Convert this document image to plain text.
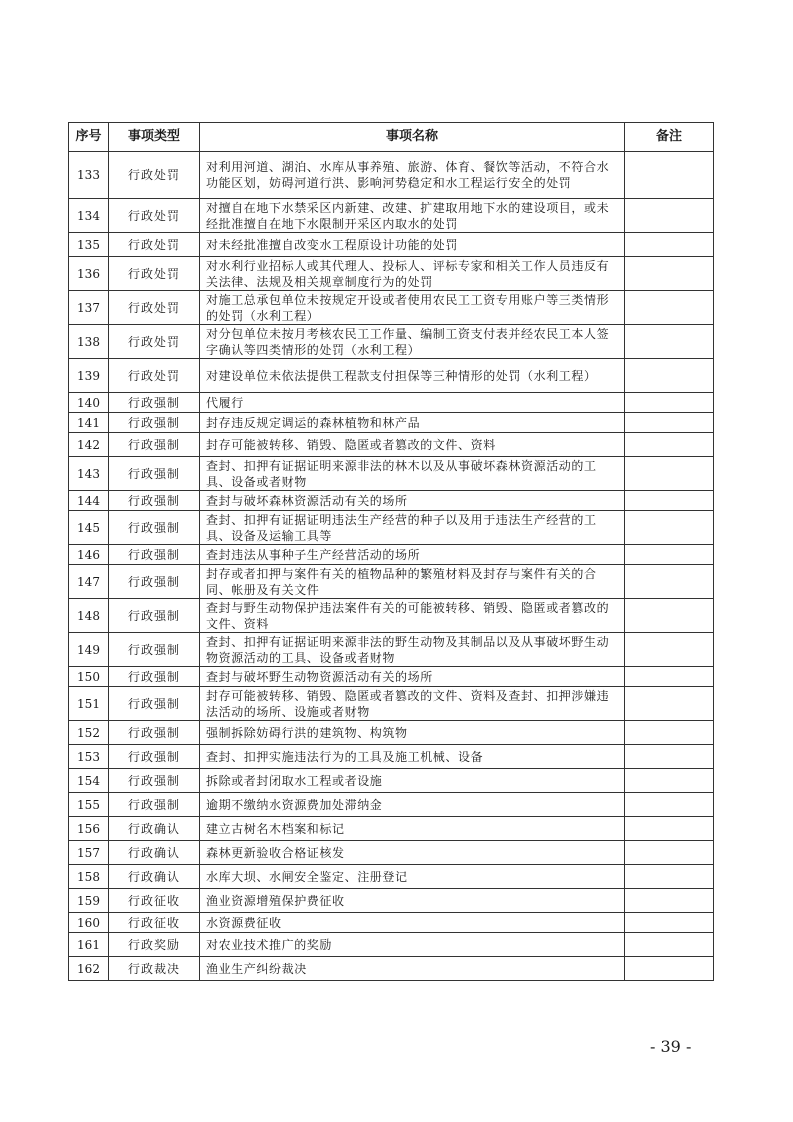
序号	事项类型	事项名称	备注
133	行政处罚	对利用河道、湖泊、水库从事养殖、旅游、体育、餐饮等活动，不符合水功能区划，妨碍河道行洪、影响河势稳定和水工程运行安全的处罚	
134	行政处罚	对擅自在地下水禁采区内新建、改建、扩建取用地下水的建设项目，或未经批准擅自在地下水限制开采区内取水的处罚	
135	行政处罚	对未经批准擅自改变水工程原设计功能的处罚	
136	行政处罚	对水利行业招标人或其代理人、投标人、评标专家和相关工作人员违反有关法律、法规及相关规章制度行为的处罚	
137	行政处罚	对施工总承包单位未按规定开设或者使用农民工工资专用账户等三类情形的处罚（水利工程）	
138	行政处罚	对分包单位未按月考核农民工工作量、编制工资支付表并经农民工本人签字确认等四类情形的处罚（水利工程）	
139	行政处罚	对建设单位未依法提供工程款支付担保等三种情形的处罚（水利工程）	
140	行政强制	代履行	
141	行政强制	封存违反规定调运的森林植物和林产品	
142	行政强制	封存可能被转移、销毁、隐匿或者篡改的文件、资料	
143	行政强制	查封、扣押有证据证明来源非法的林木以及从事破坏森林资源活动的工具、设备或者财物	
144	行政强制	查封与破坏森林资源活动有关的场所	
145	行政强制	查封、扣押有证据证明违法生产经营的种子以及用于违法生产经营的工具、设备及运输工具等	
146	行政强制	查封违法从事种子生产经营活动的场所	
147	行政强制	封存或者扣押与案件有关的植物品种的繁殖材料及封存与案件有关的合同、帐册及有关文件	
148	行政强制	查封与野生动物保护违法案件有关的可能被转移、销毁、隐匿或者篡改的文件、资料	
149	行政强制	查封、扣押有证据证明来源非法的野生动物及其制品以及从事破坏野生动物资源活动的工具、设备或者财物	
150	行政强制	查封与破坏野生动物资源活动有关的场所	
151	行政强制	封存可能被转移、销毁、隐匿或者篡改的文件、资料及查封、扣押涉嫌违法活动的场所、设施或者财物	
152	行政强制	强制拆除妨碍行洪的建筑物、构筑物	
153	行政强制	查封、扣押实施违法行为的工具及施工机械、设备	
154	行政强制	拆除或者封闭取水工程或者设施	
155	行政强制	逾期不缴纳水资源费加处滞纳金	
156	行政确认	建立古树名木档案和标记	
157	行政确认	森林更新验收合格证核发	
158	行政确认	水库大坝、水闸安全鉴定、注册登记	
159	行政征收	渔业资源增殖保护费征收	
160	行政征收	水资源费征收	
161	行政奖励	对农业技术推广的奖励	
162	行政裁决	渔业生产纠纷裁决	
- 39 -
